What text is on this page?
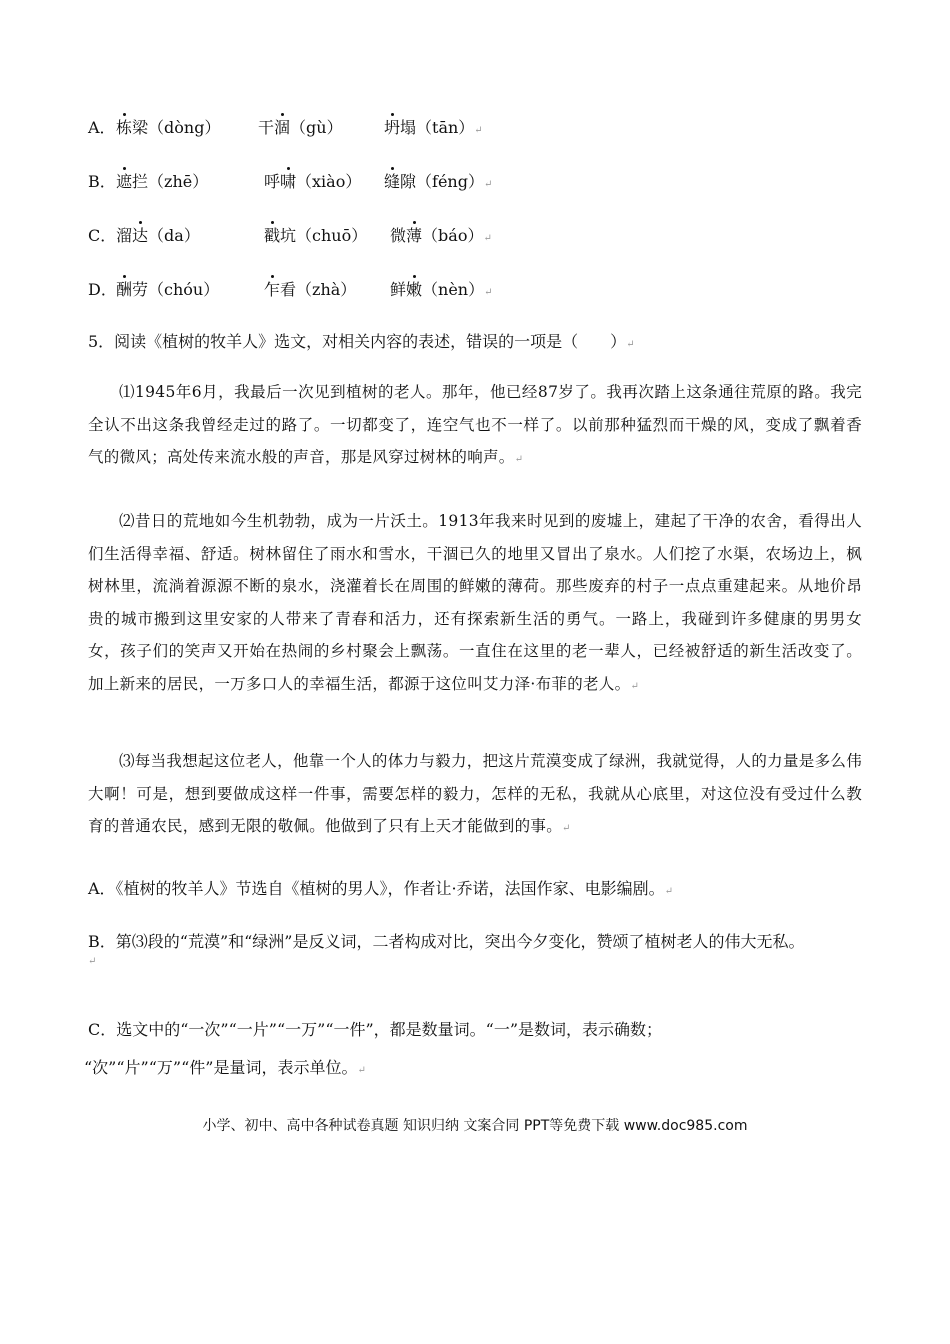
A． 栋梁（dòng） 干涸（gù）	坍塌（tān）↵
B． 遮拦（zhē）	呼啸（xiào） 缝隙（féng）↵
C． 溜达（da）	戳坑（chuō） 微薄（báo）↵
D． 酬劳（chóu）	乍看（zhà） 鲜嫩（nèn）↵
5．阅读《植树的牧羊人》选文，对相关内容的表述，错误的一项是（　　）↵

⑴1945年6月，我最后一次见到植树的老人。那年，他已经87岁了。我再次踏上这条通往荒原的路。我完全认不出这条我曾经走过的路了。一切都变了，连空气也不一样了。以前那种猛烈而干燥的风，变成了飘着香气的微风；高处传来流水般的声音，那是风穿过树林的响声。↵

⑵昔日的荒地如今生机勃勃，成为一片沃土。1913年我来时见到的废墟上，建起了干净的农舍，看得出人们生活得幸福、舒适。树林留住了雨水和雪水，干涸已久的地里又冒出了泉水。人们挖了水渠，农场边上，枫树林里，流淌着源源不断的泉水，浇灌着长在周围的鲜嫩的薄荷。那些废弃的村子一点点重建起来。从地价昂贵的城市搬到这里安家的人带来了青春和活力，还有探索新生活的勇气。一路上，我碰到许多健康的男男女女，孩子们的笑声又开始在热闹的乡村聚会上飘荡。一直住在这里的老一辈人，已经被舒适的新生活改变了。加上新来的居民，一万多口人的幸福生活，都源于这位叫艾力泽·布菲的老人。↵

⑶每当我想起这位老人，他靠一个人的体力与毅力，把这片荒漠变成了绿洲，我就觉得，人的力量是多么伟大啊！可是，想到要做成这样一件事，需要怎样的毅力，怎样的无私，我就从心底里，对这位没有受过什么教育的普通农民，感到无限的敬佩。他做到了只有上天才能做到的事。↵

A．《植树的牧羊人》节选自《植树的男人》，作者让·乔诺，法国作家、电影编剧。↵

B．第⑶段的“荒漠”和“绿洲”是反义词，二者构成对比，突出今夕变化，赞颂了植树老人的伟大无私。

↵

C．选文中的“一次”“一片”“一万”“一件”，都是数量词。“一”是数词，表示确数；

“次”“片”“万”“件”是量词，表示单位。↵

小学、初中、高中各种试卷真题 知识归纳 文案合同 PPT等免费下载 www.doc985.com
